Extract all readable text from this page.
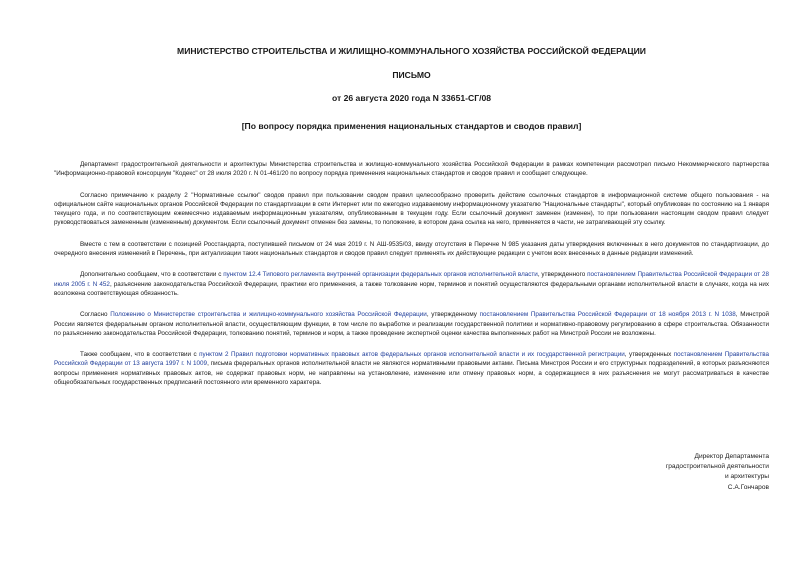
МИНИСТЕРСТВО СТРОИТЕЛЬСТВА И ЖИЛИЩНО-КОММУНАЛЬНОГО ХОЗЯЙСТВА РОССИЙСКОЙ ФЕДЕРАЦИИ
ПИСЬМО
от 26 августа 2020 года N 33651-СГ/08
[По вопросу порядка применения национальных стандартов и сводов правил]

Департамент градостроительной деятельности и архитектуры Министерства строительства и жилищно-коммунального хозяйства Российской Федерации в рамках компетенции рассмотрел письмо Некоммерческого партнерства "Информационно-правовой консорциум "Кодекс" от 28 июля 2020 г. N 01-461/20 по вопросу порядка применения национальных стандартов и сводов правил и сообщает следующее.

Согласно примечанию к разделу 2 "Нормативные ссылки" сводов правил при пользовании сводом правил целесообразно проверить действие ссылочных стандартов в информационной системе общего пользования - на официальном сайте национальных органов Российской Федерации по стандартизации в сети Интернет или по ежегодно издаваемому информационному указателю "Национальные стандарты", который опубликован по состоянию на 1 января текущего года, и по соответствующим ежемесячно издаваемым информационным указателям, опубликованным в текущем году. Если ссылочный документ заменен (изменен), то при пользовании настоящим сводом правил следует руководствоваться замененным (измененным) документом. Если ссылочный документ отменен без замены, то положение, в котором дана ссылка на него, применяется в части, не затрагивающей эту ссылку.

Вместе с тем в соответствии с позицией Росстандарта, поступившей письмом от 24 мая 2019 г. N АШ-9535/03, ввиду отсутствия в Перечне N 985 указания даты утверждения включенных в него документов по стандартизации, до очередного внесения изменений в Перечень, при актуализации таких национальных стандартов и сводов правил следует применять их действующие редакции с учетом всех внесенных в данные редакции изменений.

Дополнительно сообщаем, что в соответствии с пунктом 12.4 Типового регламента внутренней организации федеральных органов исполнительной власти, утвержденного постановлением Правительства Российской Федерации от 28 июля 2005 г. N 452, разъяснение законодательства Российской Федерации, практики его применения, а также толкование норм, терминов и понятий осуществляются федеральными органами исполнительной власти в случаях, когда на них возложена соответствующая обязанность.

Согласно Положению о Министерстве строительства и жилищно-коммунального хозяйства Российской Федерации, утвержденному постановлением Правительства Российской Федерации от 18 ноября 2013 г. N 1038, Минстрой России является федеральным органом исполнительной власти, осуществляющим функции, в том числе по выработке и реализации государственной политики и нормативно-правовому регулированию в сфере строительства. Обязанности по разъяснению законодательства Российской Федерации, толкованию понятий, терминов и норм, а также проведение экспертной оценки качества выполненных работ на Минстрой России не возложены.

Также сообщаем, что в соответствии с пунктом 2 Правил подготовки нормативных правовых актов федеральных органов исполнительной власти и их государственной регистрации, утвержденных постановлением Правительства Российской Федерации от 13 августа 1997 г. N 1009, письма федеральных органов исполнительной власти не являются нормативными правовыми актами. Письма Минстроя России и его структурных подразделений, в которых разъясняются вопросы применения нормативных правовых актов, не содержат правовых норм, не направлены на установление, изменение или отмену правовых норм, а содержащиеся в них разъяснения не могут рассматриваться в качестве общеобязательных государственных предписаний постоянного или временного характера.

Директор Департамента
градостроительной деятельности
и архитектуры
С.А.Гончаров
